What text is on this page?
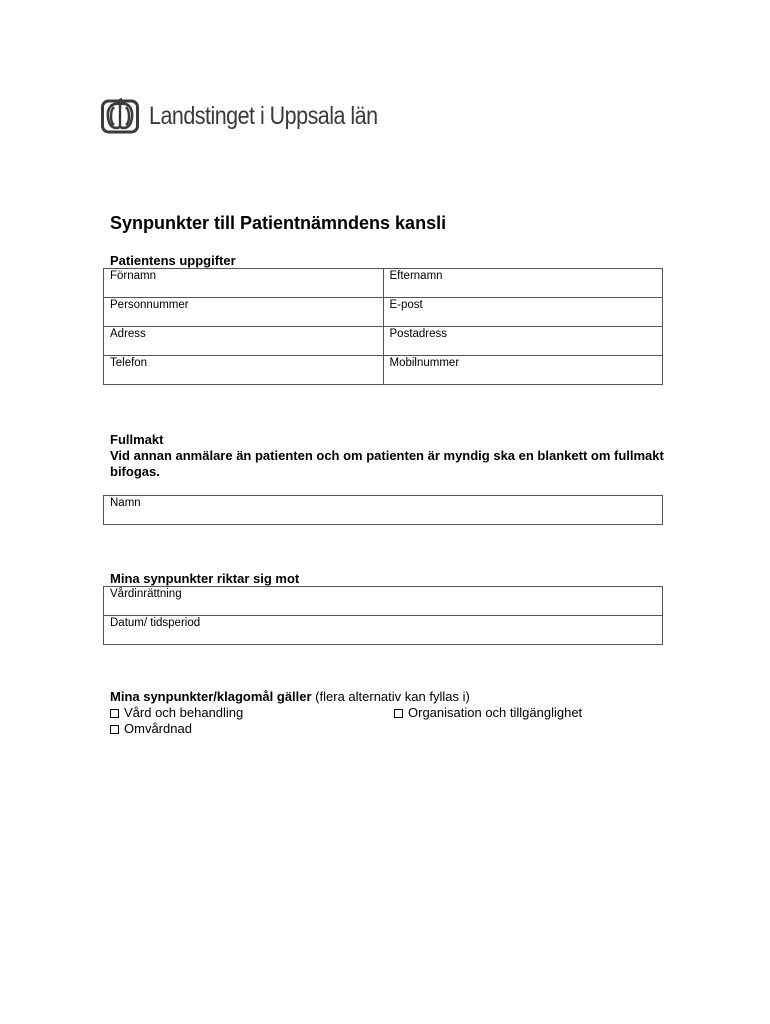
Landstinget i Uppsala län
Synpunkter till Patientnämndens kansli
Patientens uppgifter
Förnamn	Efternamn
Personnummer	E-post
Adress	Postadress
Telefon	Mobilnummer
Fullmakt
Vid annan anmälare än patienten och om patienten är myndig ska en blankett om fullmakt bifogas.
Namn
Mina synpunkter riktar sig mot
Vårdinrättning
Datum/ tidsperiod
Mina synpunkter/klagomål gäller (flera alternativ kan fyllas i)
Vård och behandling	Organisation och tillgänglighet
Omvårdnad
